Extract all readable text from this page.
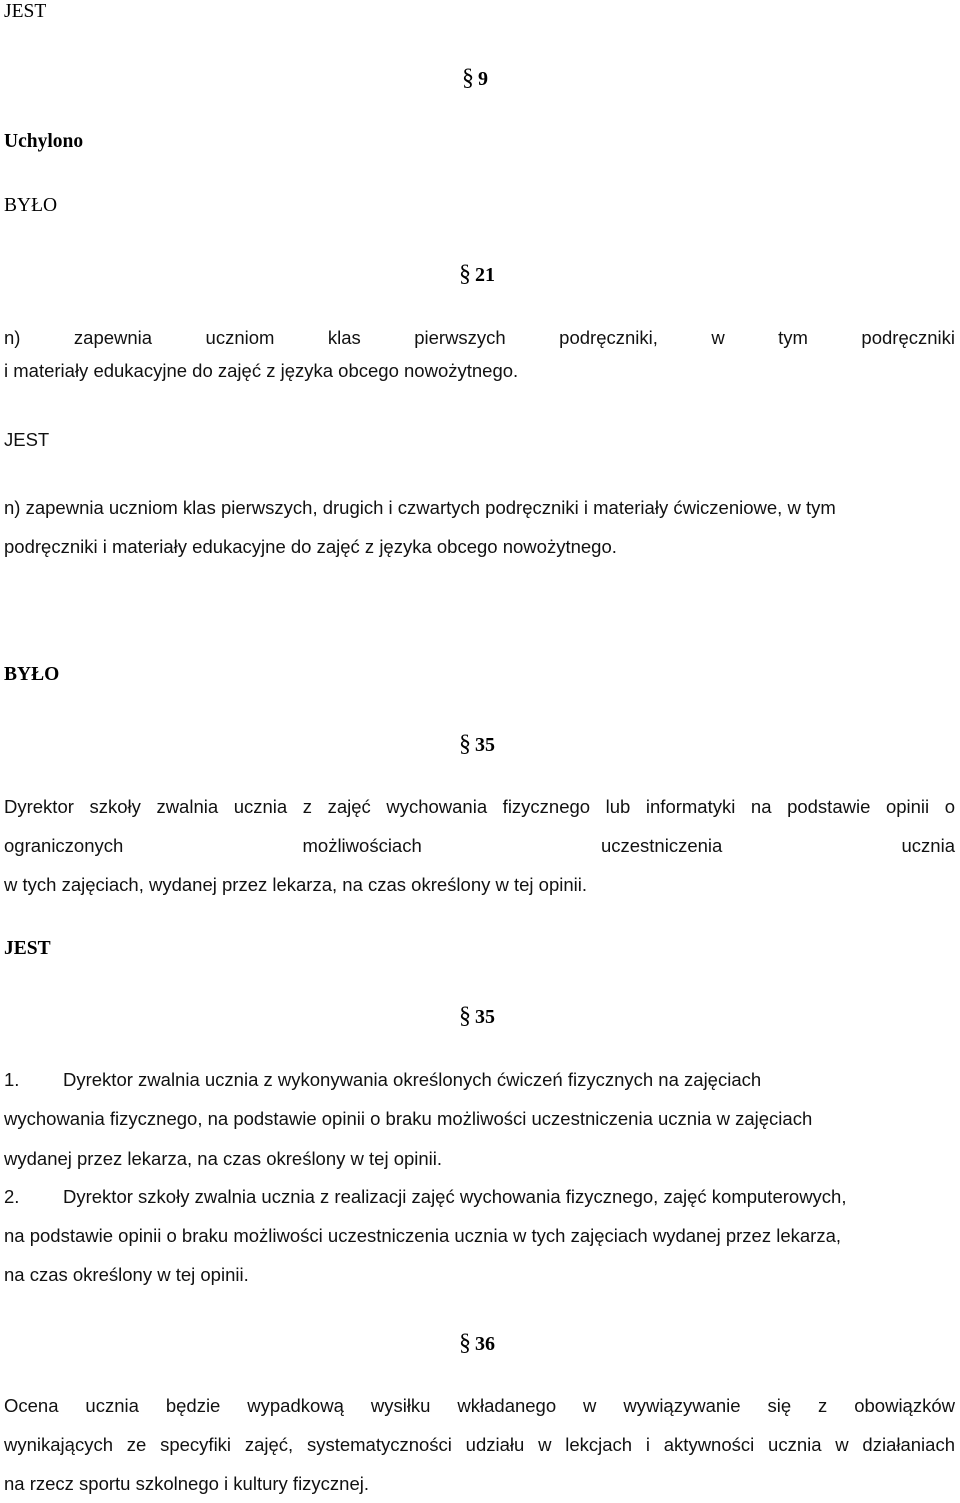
JEST
§ 9
Uchylono
BYŁO
§ 21
n) zapewnia uczniom klas pierwszych podręczniki, w tym podręczniki
i materiały edukacyjne do zajęć z języka obcego nowożytnego.
JEST
n) zapewnia uczniom klas pierwszych, drugich i czwartych podręczniki i materiały ćwiczeniowe, w tym
podręczniki i materiały edukacyjne do zajęć z języka obcego nowożytnego.
BYŁO
§ 35
Dyrektor szkoły zwalnia ucznia z zajęć wychowania fizycznego lub informatyki na podstawie opinii o
ograniczonych możliwościach uczestniczenia ucznia
w tych zajęciach, wydanej przez lekarza, na czas określony w tej opinii.
JEST
§ 35
1. Dyrektor zwalnia ucznia z wykonywania określonych ćwiczeń fizycznych na zajęciach
wychowania fizycznego, na podstawie opinii o braku możliwości uczestniczenia ucznia w zajęciach
wydanej przez lekarza, na czas określony w tej opinii.
2. Dyrektor szkoły zwalnia ucznia z realizacji zajęć wychowania fizycznego, zajęć komputerowych,
na podstawie opinii o braku możliwości uczestniczenia ucznia w tych zajęciach wydanej przez lekarza,
na czas określony w tej opinii.
§ 36
Ocena ucznia będzie wypadkową wysiłku wkładanego w wywiązywanie się z obowiązków
wynikających ze specyfiki zajęć, systematyczności udziału w lekcjach i aktywności ucznia w działaniach
na rzecz sportu szkolnego i kultury fizycznej.
